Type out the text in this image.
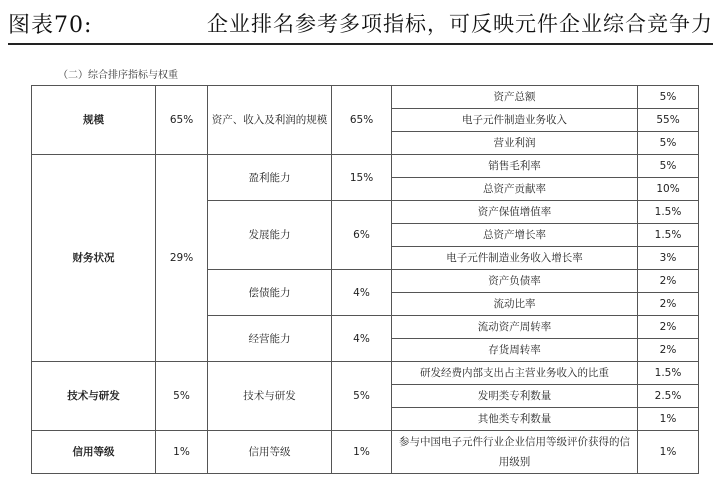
图表70:	企业排名参考多项指标，可反映元件企业综合竞争力
（二）综合排序指标与权重
规模	65%	资产、收入及利润的规模	65%	资产总额	5%
				电子元件制造业务收入	55%
				营业利润	5%
财务状况	29%	盈利能力	15%	销售毛利率	5%
				总资产贡献率	10%
		发展能力	6%	资产保值增值率	1.5%
				总资产增长率	1.5%
				电子元件制造业务收入增长率	3%
		偿债能力	4%	资产负债率	2%
				流动比率	2%
		经营能力	4%	流动资产周转率	2%
				存货周转率	2%
技术与研发	5%	技术与研发	5%	研发经费内部支出占主营业务收入的比重	1.5%
				发明类专利数量	2.5%
				其他类专利数量	1%
信用等级	1%	信用等级	1%	参与中国电子元件行业企业信用等级评价获得的信用级别	1%
